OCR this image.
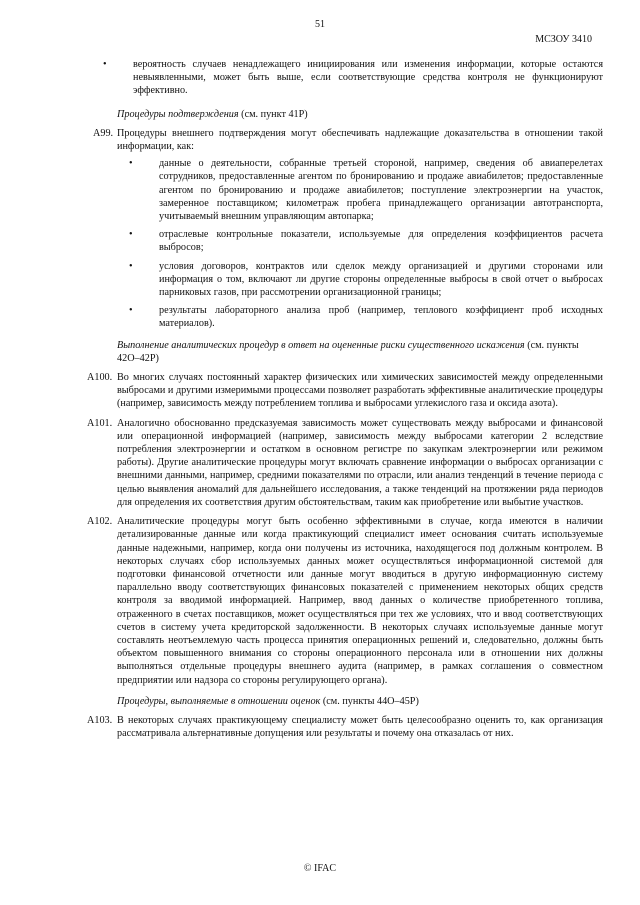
51
МСЗОУ 3410
•	вероятность случаев ненадлежащего инициирования или изменения информации, которые остаются невыявленными, может быть выше, если соответствующие средства контроля не функционируют эффективно.

Процедуры подтверждения (см. пункт 41Р)

A99. Процедуры внешнего подтверждения могут обеспечивать надлежащие доказательства в отношении такой информации, как:
•	данные о деятельности, собранные третьей стороной, например, сведения об авиаперелетах сотрудников, предоставленные агентом по бронированию и продаже авиабилетов; предоставленные агентом по бронированию и продаже авиабилетов; поступление электроэнергии на участок, замеренное поставщиком; километраж пробега принадлежащего организации автотранспорта, учитываемый внешним управляющим автопарка;
•	отраслевые контрольные показатели, используемые для определения коэффициентов расчета выбросов;
•	условия договоров, контрактов или сделок между организацией и другими сторонами или информация о том, включают ли другие стороны определенные выбросы в свой отчет о выбросах парниковых газов, при рассмотрении организационной границы;
•	результаты лабораторного анализа проб (например, теплового коэффициент проб исходных материалов).

Выполнение аналитических процедур в ответ на оцененные риски существенного искажения (см. пункты 42О–42Р)

A100. Во многих случаях постоянный характер физических или химических зависимостей между определенными выбросами и другими измеримыми процессами позволяет разработать эффективные аналитические процедуры (например, зависимость между потреблением топлива и выбросами углекислого газа и оксида азота).
A101. Аналогично обоснованно предсказуемая зависимость может существовать между выбросами и финансовой или операционной информацией (например, зависимость между выбросами категории 2 вследствие потребления электроэнергии и остатком в основном регистре по закупкам электроэнергии или режимом работы). Другие аналитические процедуры могут включать сравнение информации о выбросах организации с внешними данными, например, средними показателями по отрасли, или анализ тенденций в течение периода с целью выявления аномалий для дальнейшего исследования, а также тенденций на протяжении ряда периодов для определения их соответствия другим обстоятельствам, таким как приобретение или выбытие участков.
A102. Аналитические процедуры могут быть особенно эффективными в случае, когда имеются в наличии детализированные данные или когда практикующий специалист имеет основания считать используемые данные надежными, например, когда они получены из источника, находящегося под должным контролем. В некоторых случаях сбор используемых данных может осуществляться информационной системой для подготовки финансовой отчетности или данные могут вводиться в другую информационную систему параллельно вводу соответствующих финансовых показателей с применением некоторых общих средств контроля за вводимой информацией. Например, ввод данных о количестве приобретенного топлива, отраженного в счетах поставщиков, может осуществляться при тех же условиях, что и ввод соответствующих счетов в систему учета кредиторской задолженности. В некоторых случаях используемые данные могут составлять неотъемлемую часть процесса принятия операционных решений и, следовательно, должны быть объектом повышенного внимания со стороны операционного персонала или в отношении них должны выполняться отдельные процедуры внешнего аудита (например, в рамках соглашения о совместном предприятии или надзора со стороны регулирующего органа).

Процедуры, выполняемые в отношении оценок (см. пункты 44О–45Р)

A103. В некоторых случаях практикующему специалисту может быть целесообразно оценить то, как организация рассматривала альтернативные допущения или результаты и почему она отказалась от них.
© IFAC
